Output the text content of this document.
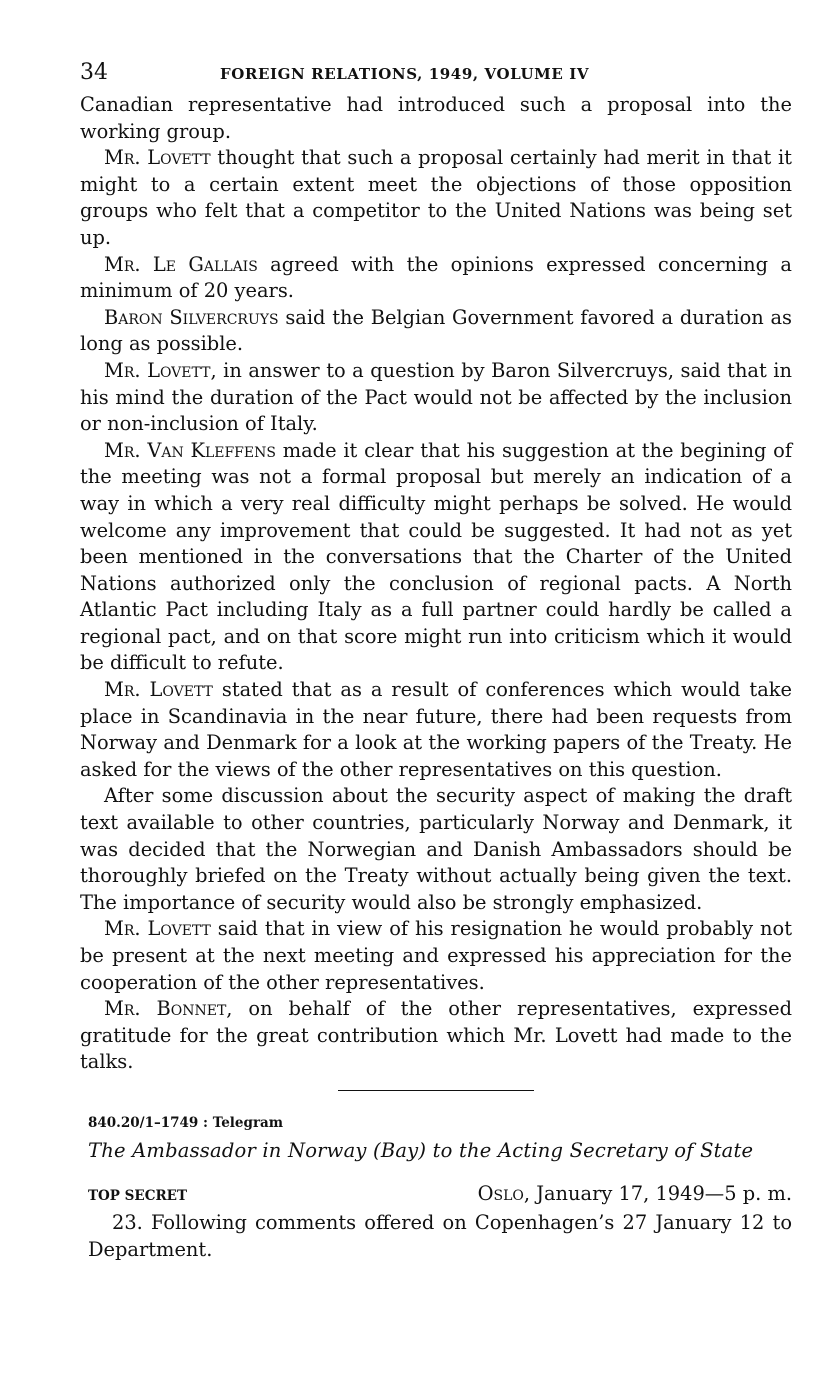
34	FOREIGN RELATIONS, 1949, VOLUME IV

Canadian representative had introduced such a proposal into the working group.

Mr. Lovett thought that such a proposal certainly had merit in that it might to a certain extent meet the objections of those opposition groups who felt that a competitor to the United Nations was being set up.

Mr. Le Gallais agreed with the opinions expressed concerning a minimum of 20 years.

Baron Silvercruys said the Belgian Government favored a duration as long as possible.

Mr. Lovett, in answer to a question by Baron Silvercruys, said that in his mind the duration of the Pact would not be affected by the inclusion or non-inclusion of Italy.

Mr. Van Kleffens made it clear that his suggestion at the begining of the meeting was not a formal proposal but merely an indication of a way in which a very real difficulty might perhaps be solved. He would welcome any improvement that could be suggested. It had not as yet been mentioned in the conversations that the Charter of the United Nations authorized only the conclusion of regional pacts. A North Atlantic Pact including Italy as a full partner could hardly be called a regional pact, and on that score might run into criticism which it would be difficult to refute.

Mr. Lovett stated that as a result of conferences which would take place in Scandinavia in the near future, there had been requests from Norway and Denmark for a look at the working papers of the Treaty. He asked for the views of the other representatives on this question.

After some discussion about the security aspect of making the draft text available to other countries, particularly Norway and Denmark, it was decided that the Norwegian and Danish Ambassadors should be thoroughly briefed on the Treaty without actually being given the text. The importance of security would also be strongly emphasized.

Mr. Lovett said that in view of his resignation he would probably not be present at the next meeting and expressed his appreciation for the cooperation of the other representatives.

Mr. Bonnet, on behalf of the other representatives, expressed gratitude for the great contribution which Mr. Lovett had made to the talks.

840.20/1–1749 : Telegram
The Ambassador in Norway (Bay) to the Acting Secretary of State
TOP SECRET	Oslo, January 17, 1949—5 p. m.

23. Following comments offered on Copenhagen’s 27 January 12 to Department.
